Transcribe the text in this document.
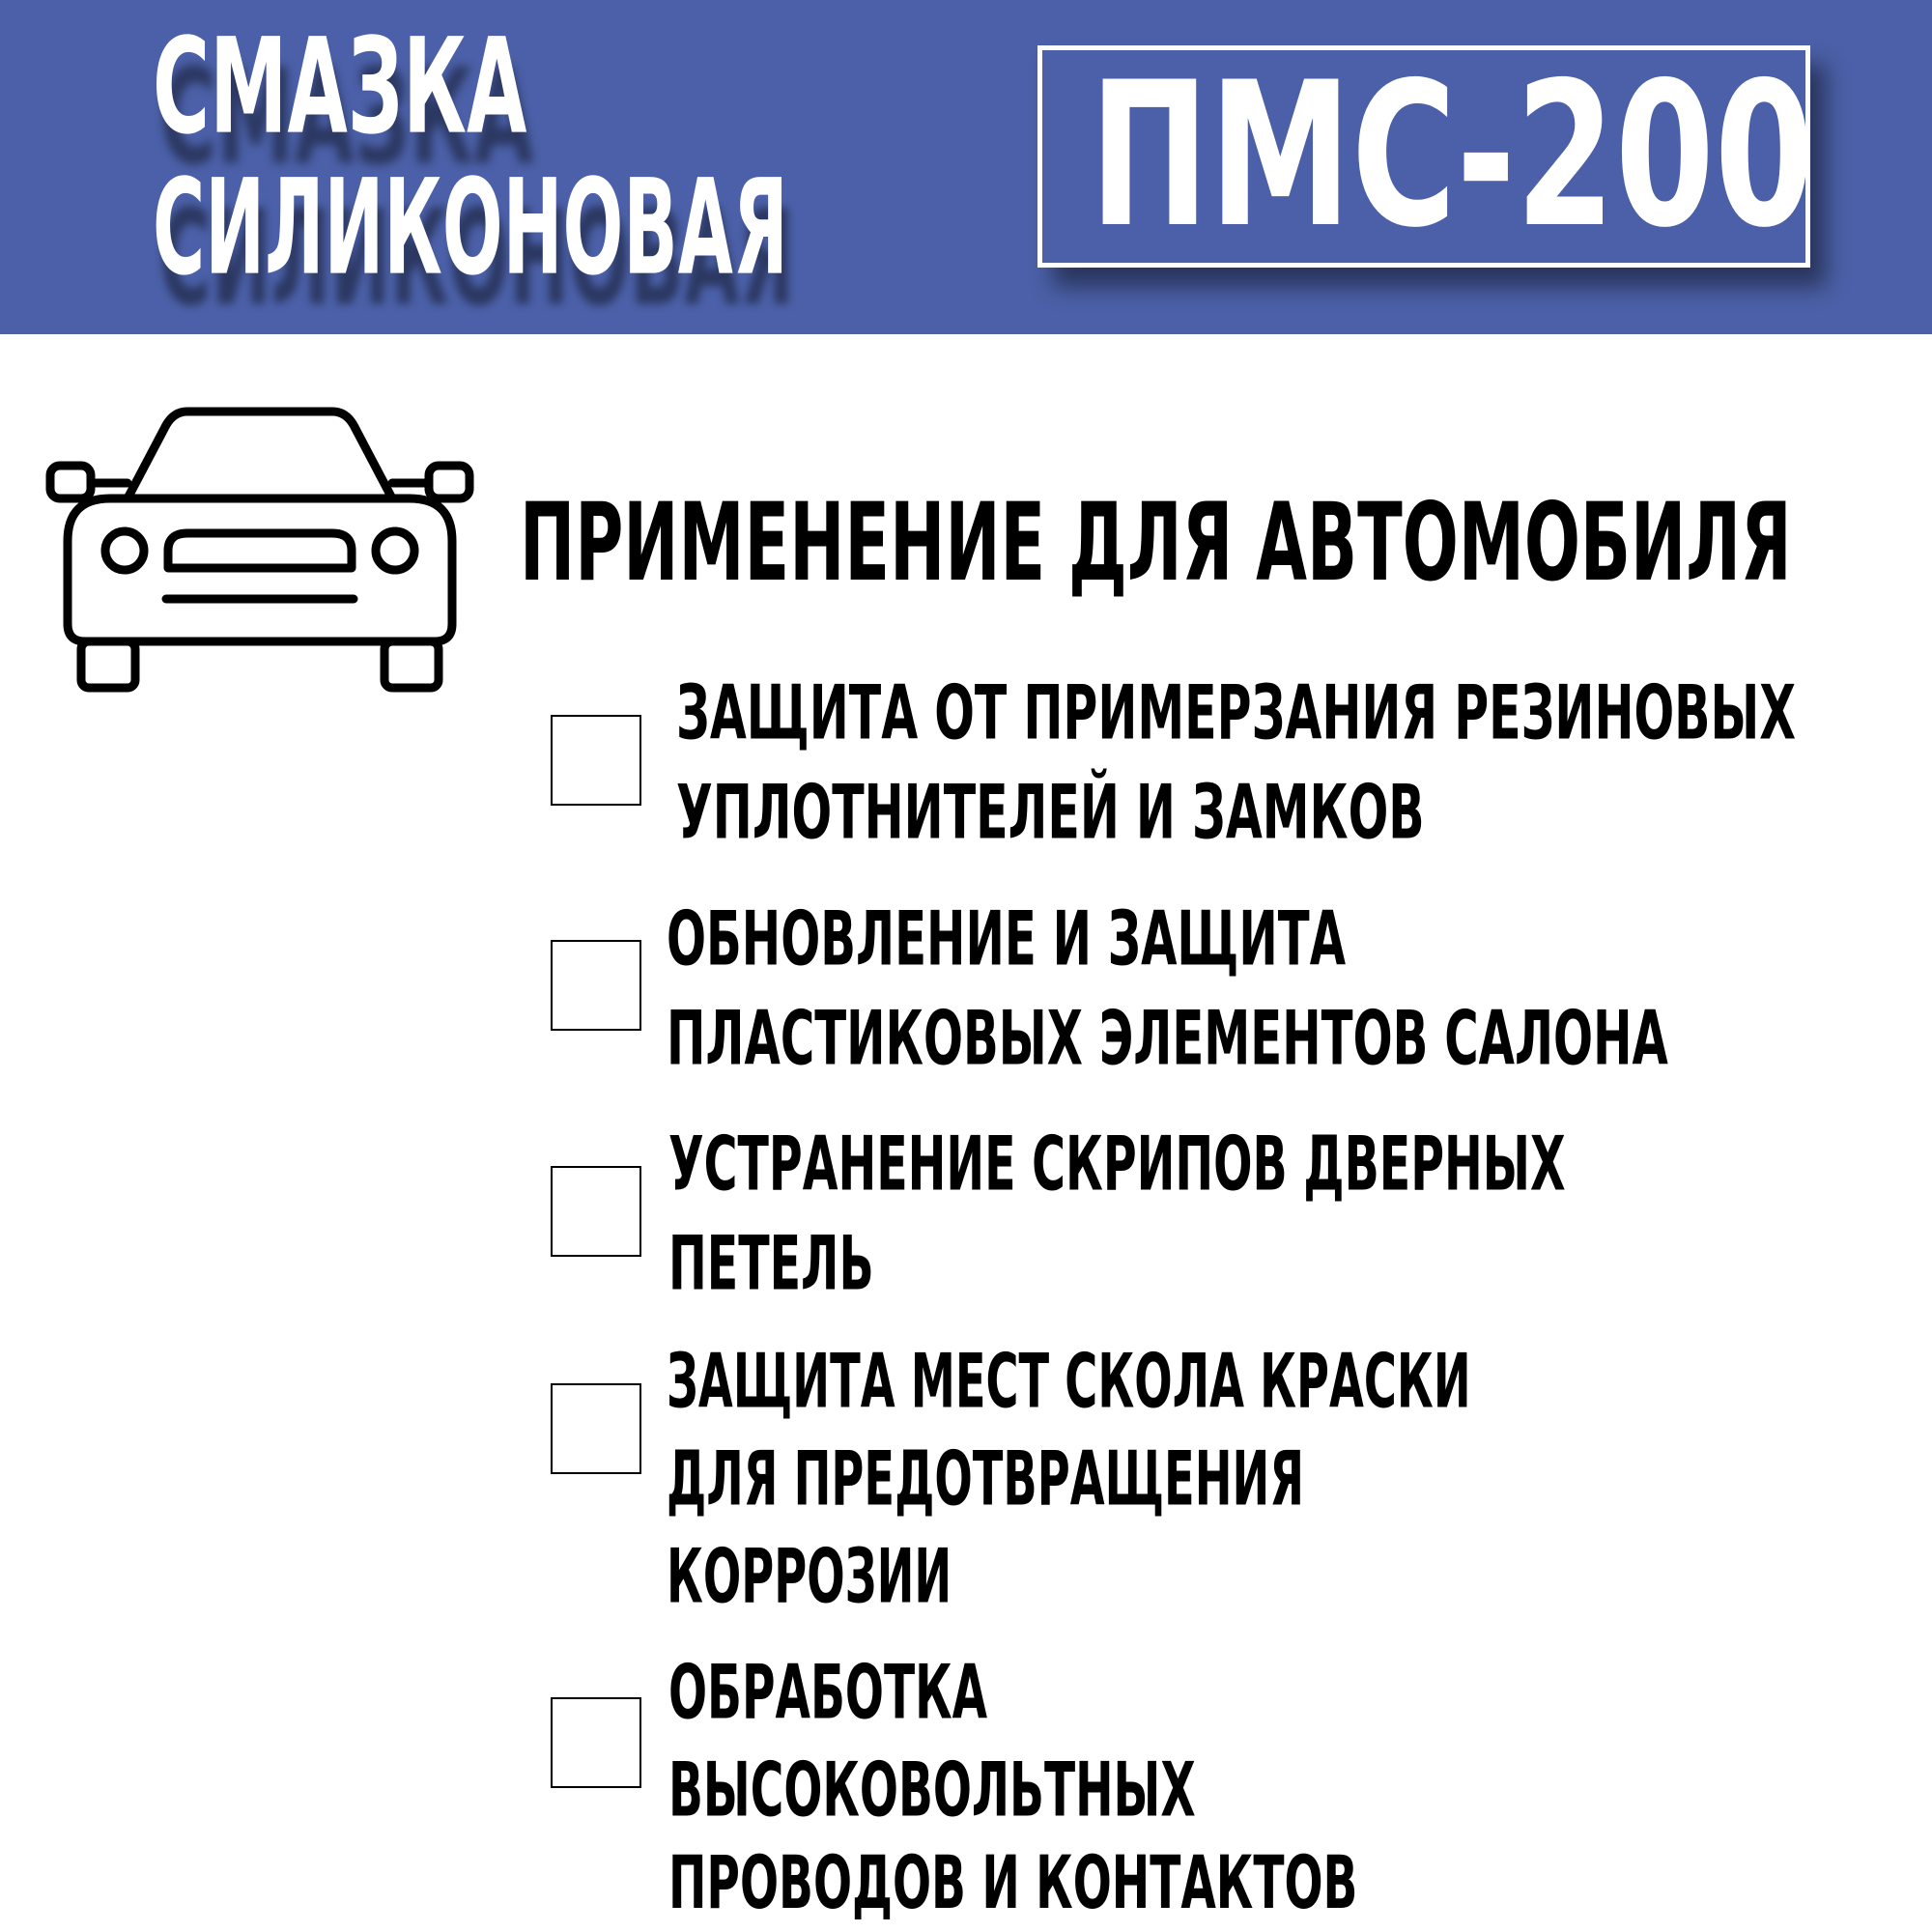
СМАЗКА
СИЛИКОНОВАЯ ПМС-200
ПРИМЕНЕНИЕ ДЛЯ АВТОМОБИЛЯ
ЗАЩИТА ОТ ПРИМЕРЗАНИЯ РЕЗИНОВЫХ
УПЛОТНИТЕЛЕЙ И ЗАМКОВ
ОБНОВЛЕНИЕ И ЗАЩИТА
ПЛАСТИКОВЫХ ЭЛЕМЕНТОВ САЛОНА
УСТРАНЕНИЕ СКРИПОВ ДВЕРНЫХ
ПЕТЕЛЬ
ЗАЩИТА МЕСТ СКОЛА КРАСКИ
ДЛЯ ПРЕДОТВРАЩЕНИЯ
КОРРОЗИИ
ОБРАБОТКА
ВЫСОКОВОЛЬТНЫХ
ПРОВОДОВ И КОНТАКТОВ
